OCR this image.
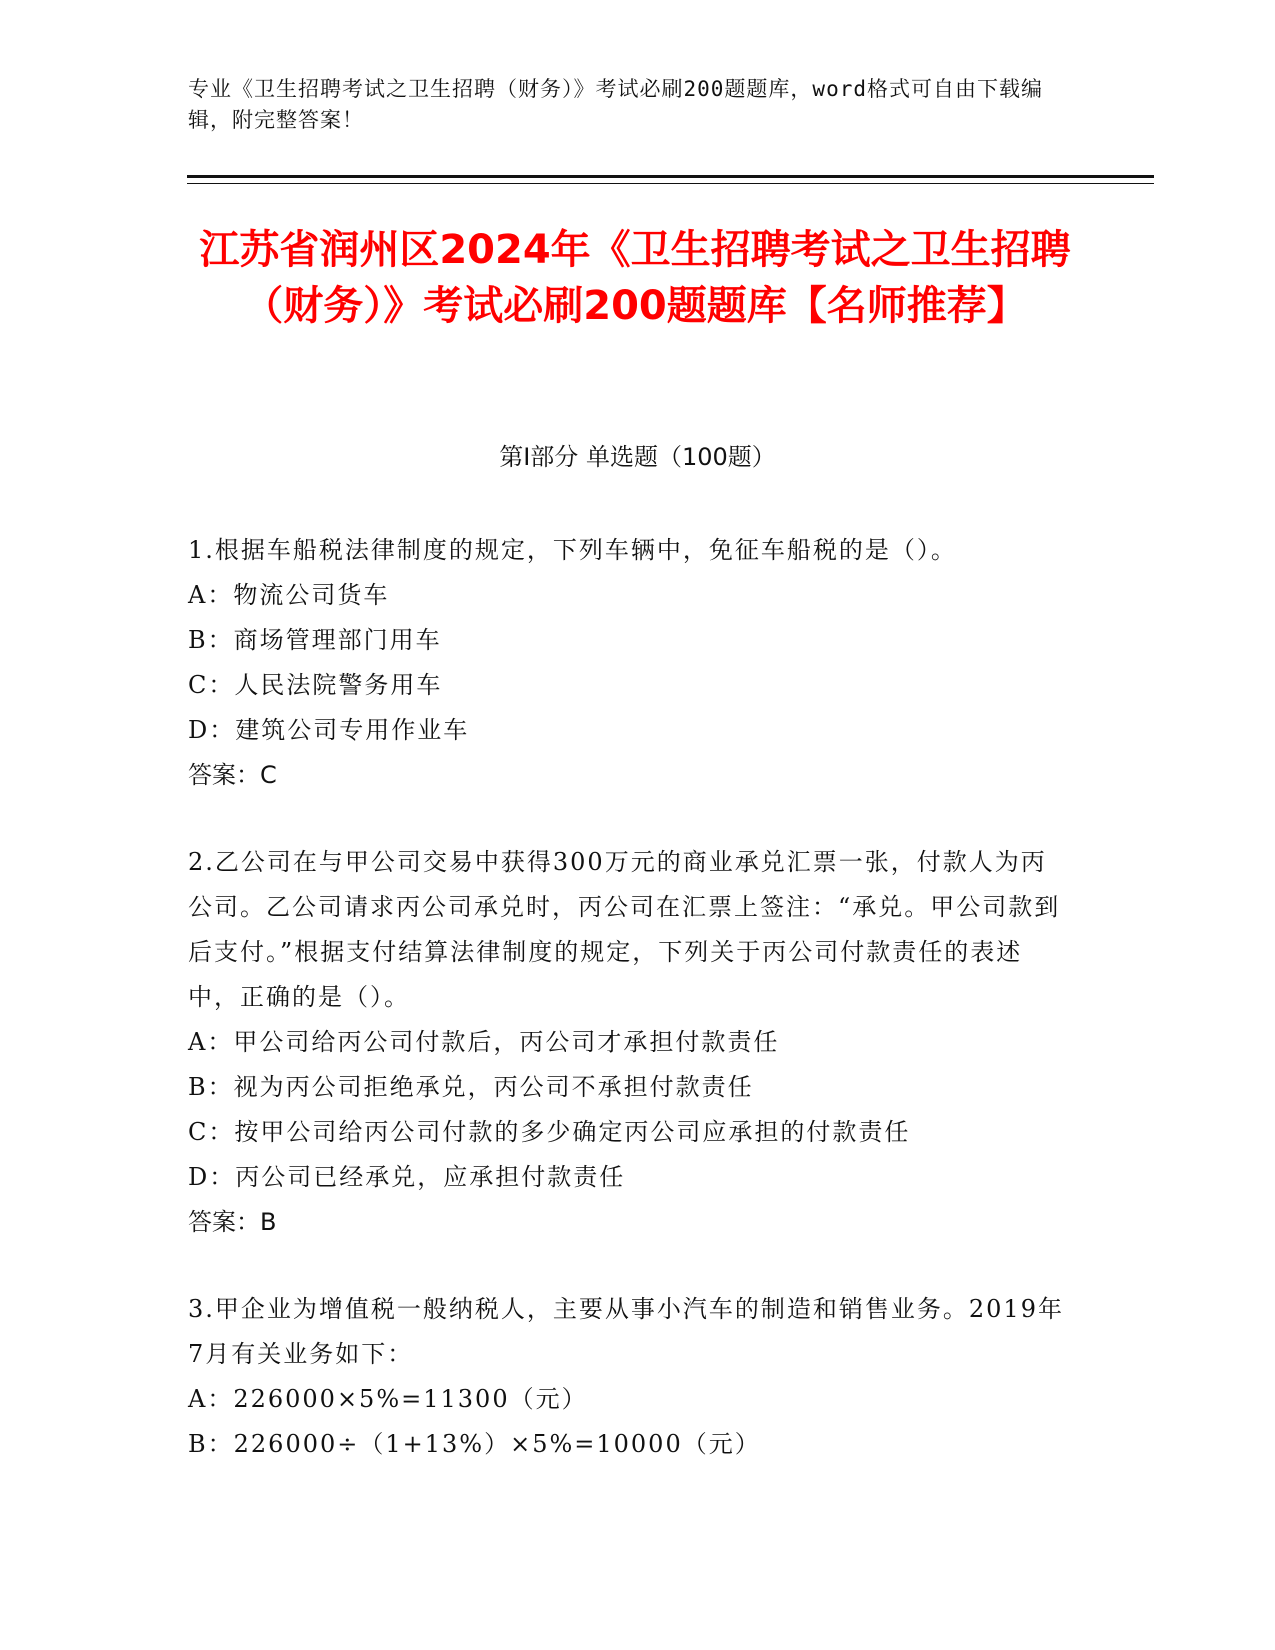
专业《卫生招聘考试之卫生招聘（财务）》考试必刷200题题库，word格式可自由下载编辑，附完整答案！
江苏省润州区2024年《卫生招聘考试之卫生招聘（财务）》考试必刷200题题库【名师推荐】
第Ⅰ部分 单选题（100题）

1.根据车船税法律制度的规定，下列车辆中，免征车船税的是（）。

A：物流公司货车

B：商场管理部门用车

C：人民法院警务用车

D：建筑公司专用作业车

答案：C

2.乙公司在与甲公司交易中获得300万元的商业承兑汇票一张，付款人为丙公司。乙公司请求丙公司承兑时，丙公司在汇票上签注：“承兑。甲公司款到后支付。”根据支付结算法律制度的规定，下列关于丙公司付款责任的表述中，正确的是（）。

A：甲公司给丙公司付款后，丙公司才承担付款责任

B：视为丙公司拒绝承兑，丙公司不承担付款责任

C：按甲公司给丙公司付款的多少确定丙公司应承担的付款责任

D：丙公司已经承兑，应承担付款责任

答案：B

3.甲企业为增值税一般纳税人，主要从事小汽车的制造和销售业务。2019年7月有关业务如下：

A：226000×5%=11300（元）

B：226000÷（1+13%）×5%=10000（元）
